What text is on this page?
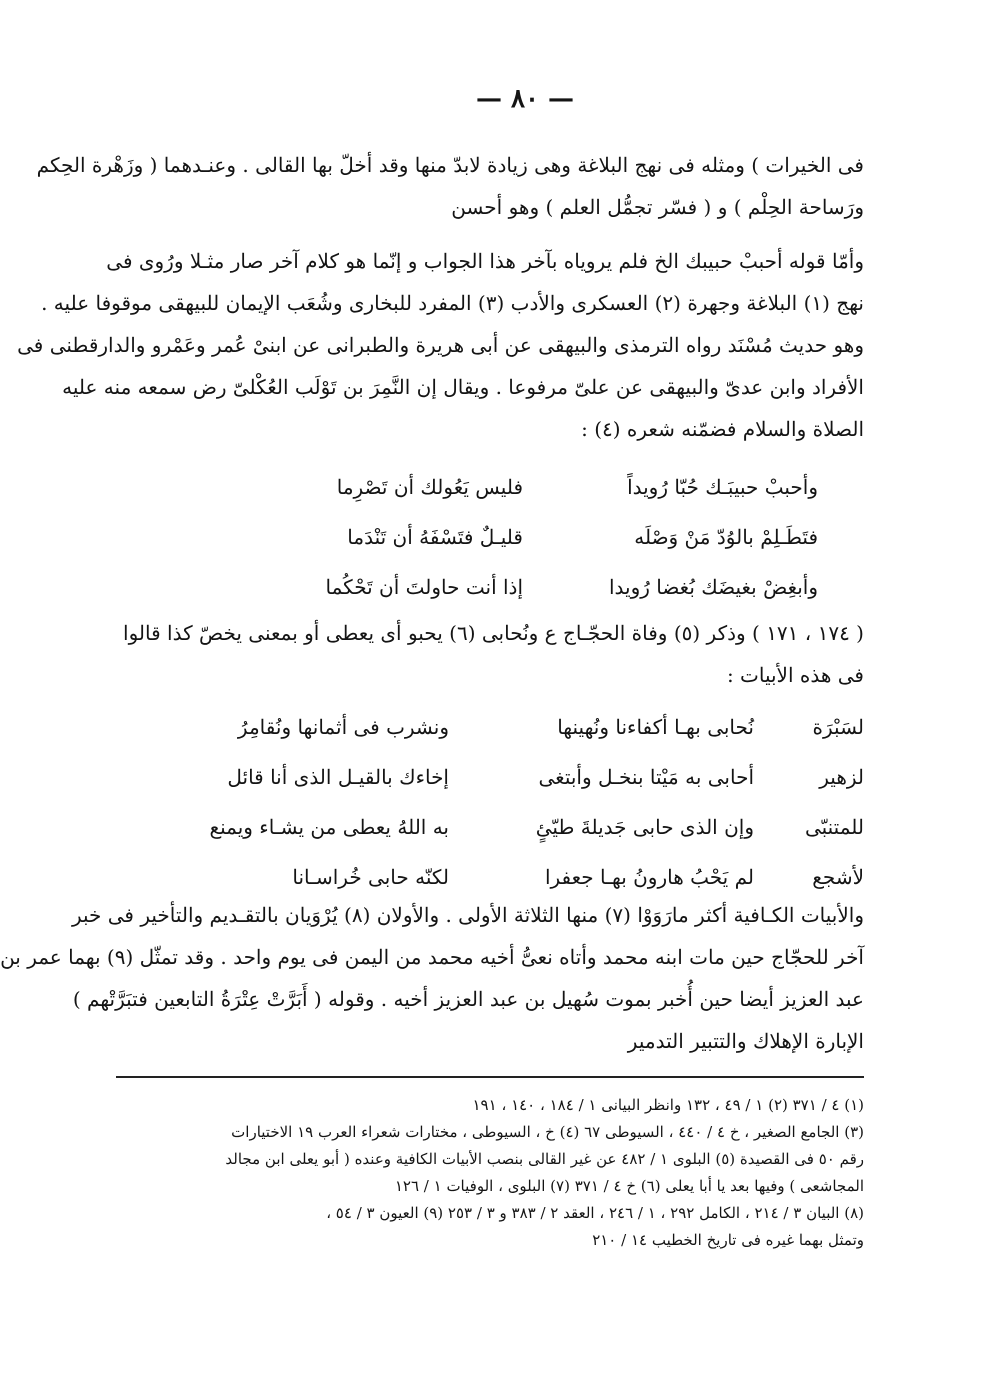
— ٨٠ —
فى الخيرات ) ومثله فى نهج البلاغة وهى زيادة لابدّ منها وقد أخلّ بها القالى . وعنـدهما ( وزَهْرة الحِكم
ورَساحة الحِلْم ) و ( فسّر تجمُّل العلم ) وهو أحسن
وأمّا قوله أحببْ حبيبك الخ فلم يروياه بآخر هذا الجواب و إنّما هو كلام آخر صار مثـلا ورُوى فى
نهج (١) البلاغة وجهرة (٢) العسكرى والأدب (٣) المفرد للبخارى وشُعَب الإيمان للبيهقى موقوفا عليه .
وهو حديث مُسْنَد رواه الترمذى والبيهقى عن أبى هريرة والطبرانى عن ابنىْ عُمر وعَمْرو والدارقطنى فى
الأفراد وابن عدىّ والبيهقى عن علىّ مرفوعا . ويقال إن النَّمِرَ بن تَوْلَب العُكْلىّ رض سمعه منه عليه
الصلاة والسلام فضمّنه شعره (٤) :
وأحببْ حبيبَـك حُبّا رُويداً
فليس يَعُولك أن تَصْرِما
فتَطَـلِمْ بالوُدّ مَنْ وَصْلَه
قليـلٌ فتَسْفَهُ أن تَنْدَما
وأبغِضْ بغيضَك بُغضا رُويدا
إذا أنت حاولتَ أن تَحْكُما
( ١٧٤ ، ١٧١ ) وذكر (٥) وفاة الحجّـاج ع ونُحابى (٦) يحبو أى يعطى أو بمعنى يخصّ كذا قالوا
فى هذه الأبيات :
لسَبْرَة
نُحابى بهـا أكفاءنا ونُهينها
ونشرب فى أثمانها ونُقامِرُ
لزهير
أحابى به مَيْتا بنخـل وأبتغى
إخاءك بالقيـل الذى أنا قائل
للمتنبّى
وإن الذى حابى جَديلةَ طيّئٍ
به اللهُ يعطى من يشـاء ويمنع
لأشجع
لم يَحْبُ هارونُ بهـا جعفرا
لكنّه حابى خُراسـانا
والأبيات الكـافية أكثر مارَوَوْا (٧) منها الثلاثة الأولى . والأولان (٨) يُرْوَيان بالتقـديم والتأخير فى خبر
آخر للحجّاج حين مات ابنه محمد وأتاه نعىُّ أخيه محمد من اليمن فى يوم واحد . وقد تمثّل (٩) بهما عمر بن
عبد العزيز أيضا حين أُخبر بموت سُهيل بن عبد العزيز أخيه . وقوله ( أَبَرَّتْ عِتْرَةُ التابعين فتبَرَّتْهم )
الإبارة الإهلاك والتتبير التدمير
(١) ٤ / ٣٧١ (٢) ١ / ٤٩ ، ١٣٢ وانظر البيانى ١ / ١٨٤ ، ١٤٠ ، ١٩١
(٣) الجامع الصغير ، خ ٤ / ٤٤٠ ، السيوطى ٦٧ (٤) خ ، السيوطى ، مختارات شعراء العرب ١٩ الاختيارات
رقم ٥٠ فى القصيدة (٥) البلوى ١ / ٤٨٢ عن غير القالى بنصب الأبيات الكافية وعنده ( أبو يعلى ابن مجالد
المجاشعى ) وفيها بعد يا أبا يعلى (٦) خ ٤ / ٣٧١ (٧) البلوى ، الوفيات ١ / ١٢٦
(٨) البيان ٣ / ٢١٤ ، الكامل ٢٩٢ ، ١ / ٢٤٦ ، العقد ٢ / ٣٨٣ و ٣ / ٢٥٣ (٩) العيون ٣ / ٥٤ ،
وتمثل بهما غيره فى تاريخ الخطيب ١٤ / ٢١٠
